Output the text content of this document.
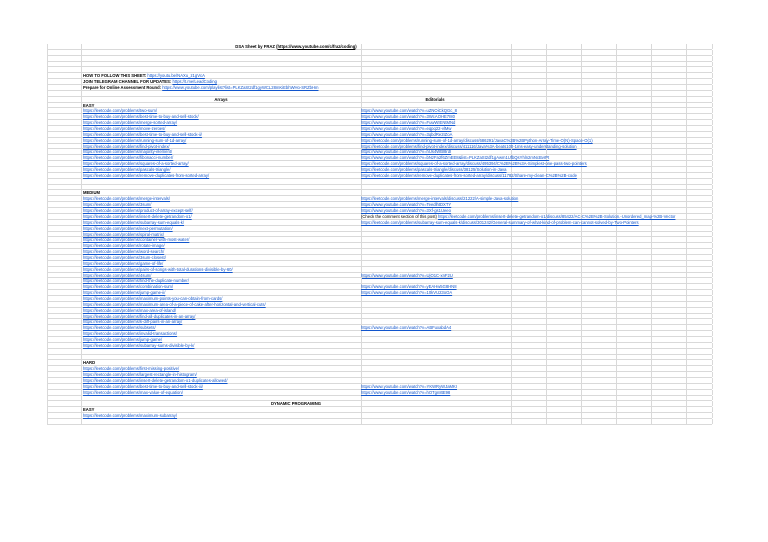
DSA Sheet by FRAZ (https://www.youtube.com/c/fraz/coding)
HOW TO FOLLOW THIS SHEET: https://youtu.be/NAXu_z1gVcA
JOIN TELEGRAM CHANNEL FOR UPDATES: https://t.me/LeadCoding
Prepare for Online Assessment Round: https://www.youtube.com/playlist?list=PLKZaSt2df1gyWCL28mKiEbhWHo-SRZbHm
Arrays	Editorials
EASY
https://leetcode.com/problems/two-sum/	https://www.youtube.com/watch?v=uZNOiCkQGc_8
https://leetcode.com/problems/best-time-to-buy-and-sell-stock/	https://www.youtube.com/watch?v=3WcAOHE7I80
https://leetcode.com/problems/merge-sorted-array/	https://www.youtube.com/watch?v=FuwWIENtMNd
https://leetcode.com/problems/move-zeroes/	https://www.youtube.com/watch?v=eqpq22-vlMw
https://leetcode.com/problems/best-time-to-buy-and-sell-stock-ii/	https://www.youtube.com/watch?v=3qbdRe2IZoA
https://leetcode.com/problems/running-sum-of-1d-array/	https://leetcode.com/problems/running-sum-of-1d-array/discuss/686291/JavaC%2B%2BPython-Array-Time-O(N)-Space-O(1)
https://leetcode.com/problems/find-pivot-index/	https://leetcode.com/problems/find-pivot-index/discuss/411116/Java%3A-beats100-1ms-easy-understanding-solution
https://leetcode.com/problems/majority-element/	https://www.youtube.com/watch?v=hUs4WBl8rdI
https://leetcode.com/problems/fibonacci-number/	https://www.youtube.com/watch?v=bNzFa2f6ZmEE8&list=PLKZaSt2df1gAwm1UfbQsYhln2mNcBvrPt
https://leetcode.com/problems/squares-of-a-sorted-array/	https://leetcode.com/problems/squares-of-a-sorted-array/discuss/495394/C%2B%2B%3A-Simplest-one-pass-two-pointers
https://leetcode.com/problems/pascals-triangle/	https://leetcode.com/problems/pascals-triangle/discuss/38125/Solution-in-Java
https://leetcode.com/problems/remove-duplicates-from-sorted-array/	https://leetcode.com/problems/remove-duplicates-from-sorted-array/discuss/11782/Share-my-clean-C%2B%2B-code
MEDIUM
https://leetcode.com/problems/merge-intervals/	https://leetcode.com/problems/merge-intervals/discuss/21222/A-simple-Java-solution
https://leetcode.com/problems/3sum/	https://www.youtube.com/watch?v=TeedlhtDXTY
https://leetcode.com/problems/product-of-array-except-self/	https://www.youtube.com/watch?v=3Xf-gs1Ueeo
https://leetcode.com/problems/insert-delete-getrandom-o1/	(Check the comment section of this post) https://leetcode.com/problems/insert-delete-getrandom-o1/discuss/85422/AC-C%2B%2B-Solution.-Unordered_map-%2B-Vector
https://leetcode.com/problems/subarray-sum-equals-k/	https://leetcode.com/problems/subarray-sum-equals-k/discuss/301242/General-summary-of-what-kind-of-problem-can-cannot-solved-by-Two-Pointers
https://leetcode.com/problems/next-permutation/
https://leetcode.com/problems/spiral-matrix/
https://leetcode.com/problems/container-with-most-water/
https://leetcode.com/problems/rotate-image/
https://leetcode.com/problems/word-search/
https://leetcode.com/problems/3sum-closest/
https://leetcode.com/problems/game-of-life/
https://leetcode.com/problems/pairs-of-songs-with-total-durations-divisible-by-60/
https://leetcode.com/problems/4sum/	https://www.youtube.com/watch?v=UjO1C-xnF2U
https://leetcode.com/problems/find-the-duplicate-number/
https://leetcode.com/problems/combination-sum/	https://www.youtube.com/watch?v=yEAHw5G8HN8
https://leetcode.com/problems/jump-game-ii/	https://www.youtube.com/watch?v=10kVU23oOA
https://leetcode.com/problems/maximum-points-you-can-obtain-from-cards/
https://leetcode.com/problems/maximum-area-of-a-piece-of-cake-after-horizontal-and-vertical-cuts/
https://leetcode.com/problems/max-area-of-island/
https://leetcode.com/problems/find-all-duplicates-in-an-array/
https://leetcode.com/problems/k-diff-pairs-in-an-array/
https://leetcode.com/problems/subsets/	https://www.youtube.com/watch?v=ABFuxabdA4
https://leetcode.com/problems/invalid-transactions/
https://leetcode.com/problems/jump-game/
https://leetcode.com/problems/subarray-sums-divisible-by-k/
HARD
https://leetcode.com/problems/first-missing-positive/
https://leetcode.com/problems/largest-rectangle-in-histogram/
https://leetcode.com/problems/insert-delete-getrandom-o1-duplicates-allowed/
https://leetcode.com/problems/best-time-to-buy-and-sell-stock-iii/	https://www.youtube.com/watch?v=YKWRyWJaMKI
https://leetcode.com/problems/max-value-of-equation/	https://www.youtube.com/watch?v=hOTgn8tE98
DYNAMIC PROGRAMING
EASY
https://leetcode.com/problems/maximum-subarray/
